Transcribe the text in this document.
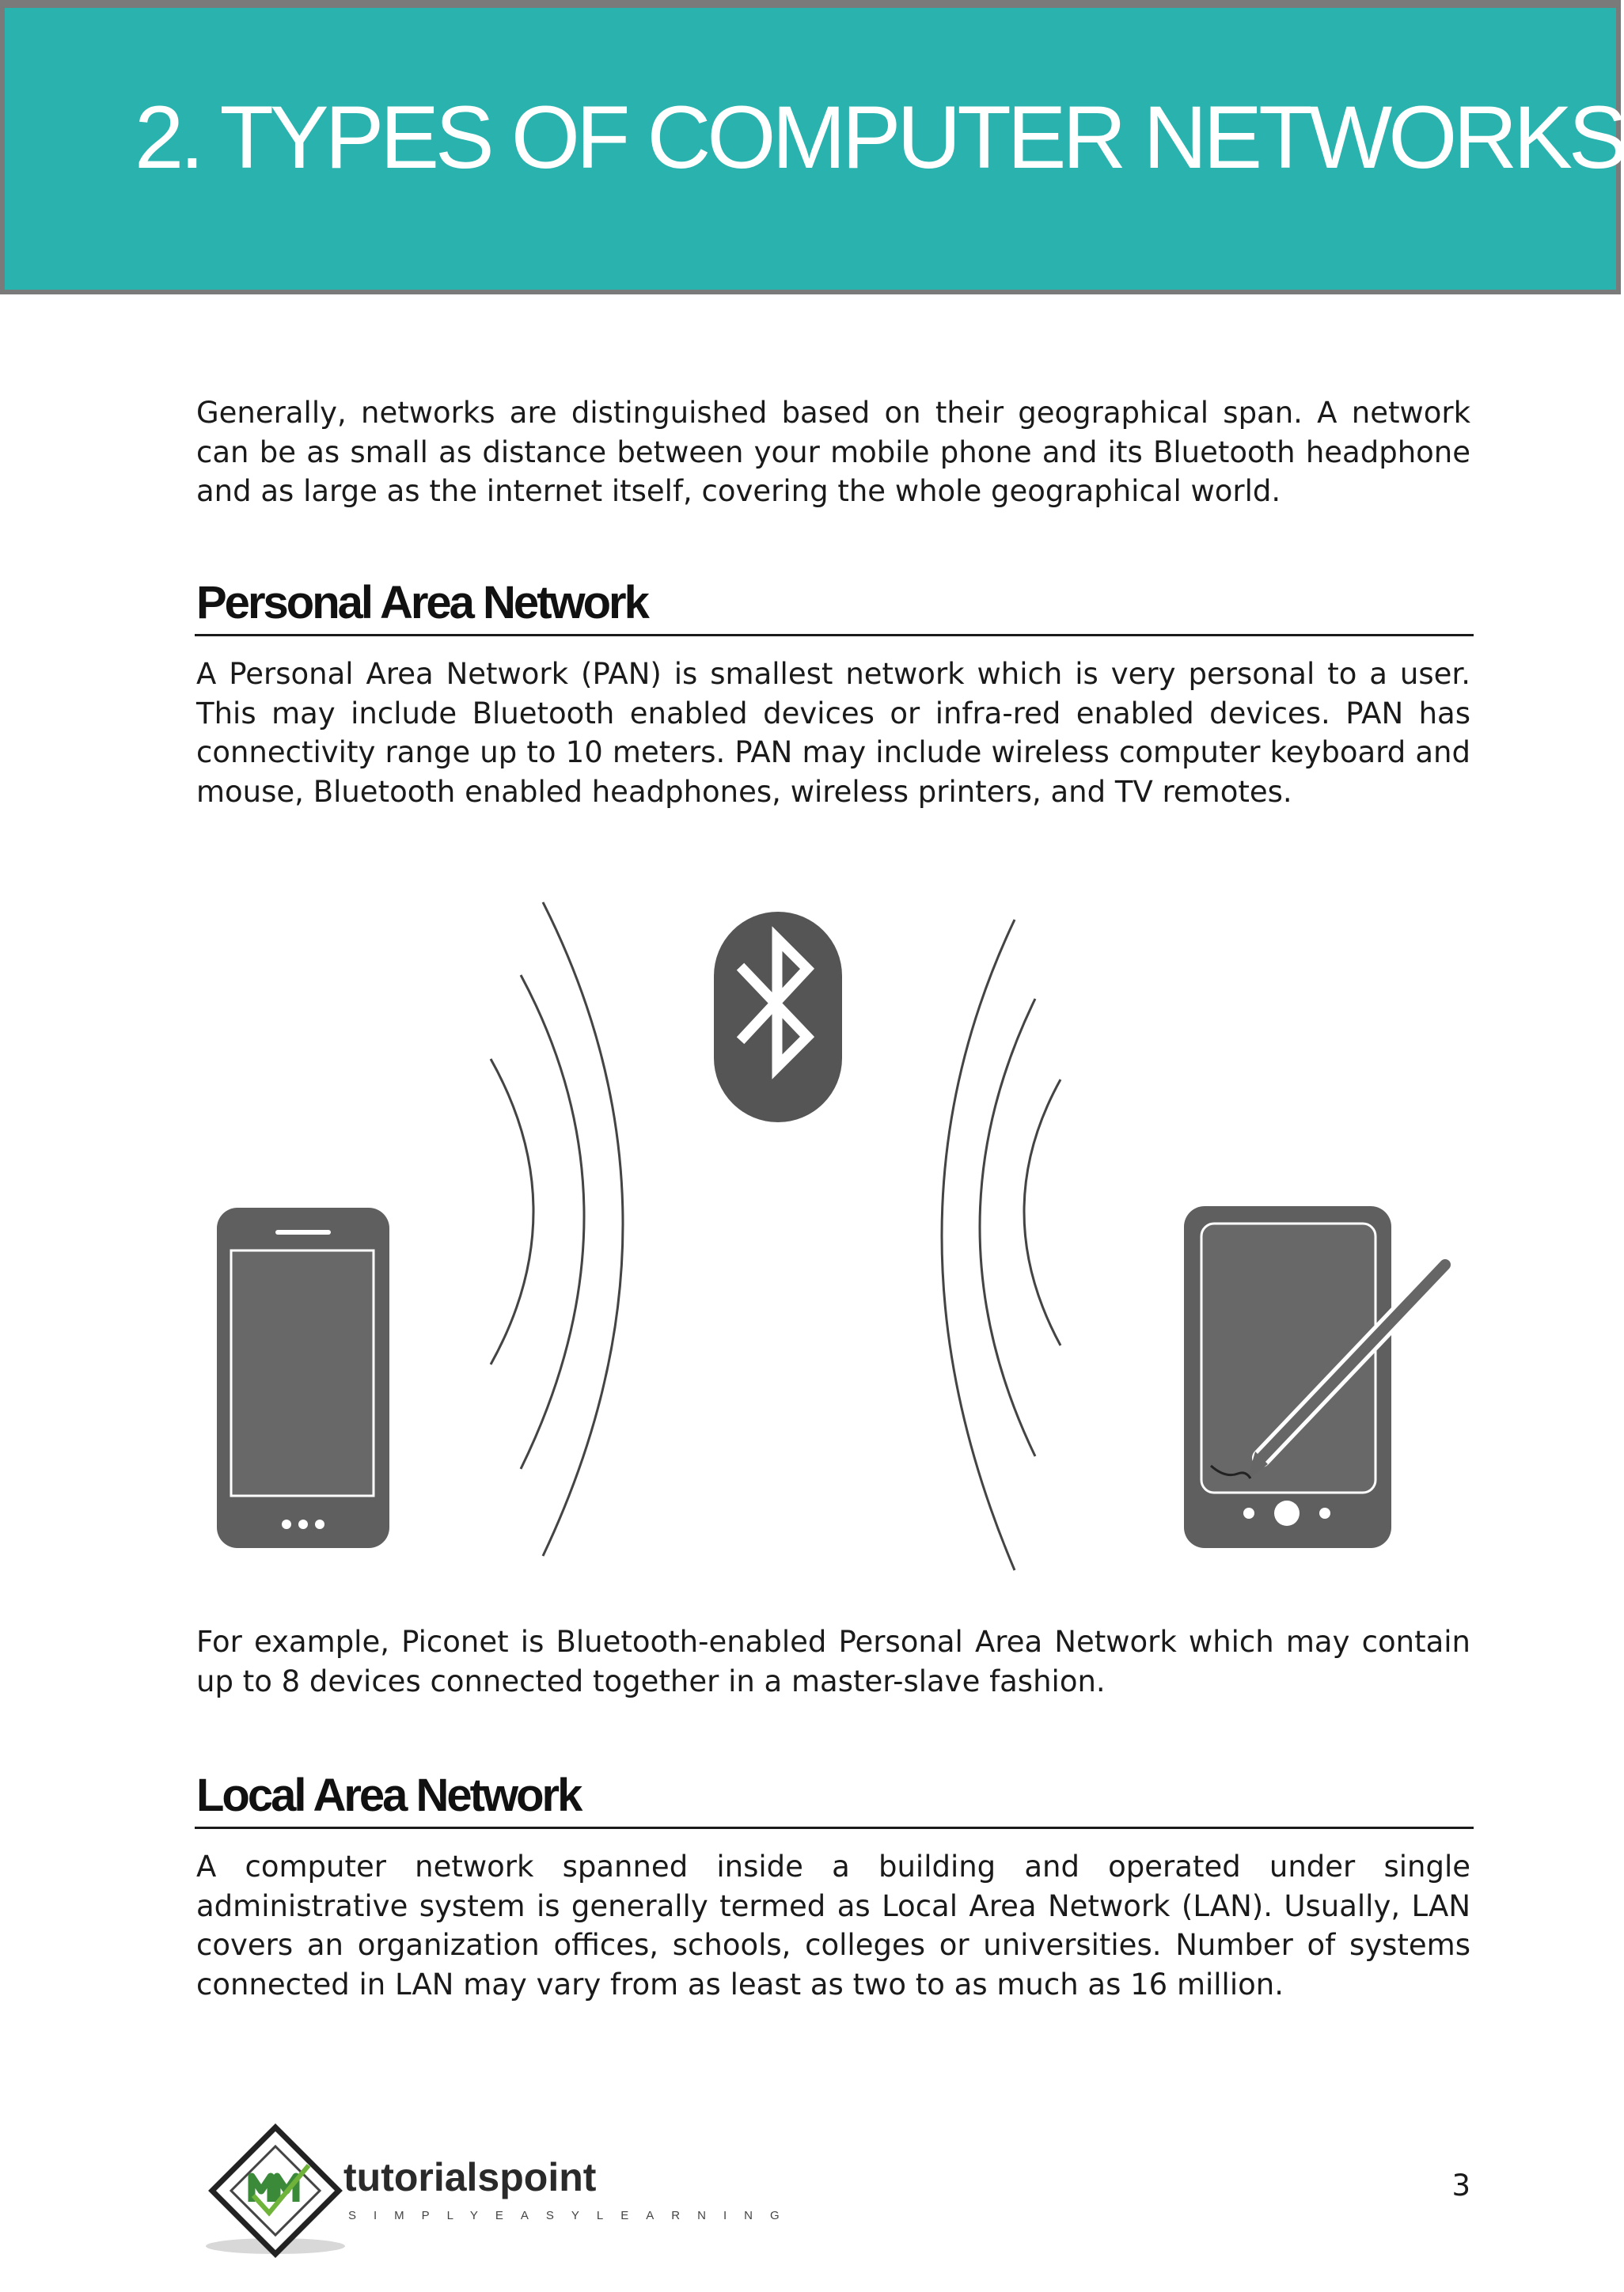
2. TYPES OF COMPUTER NETWORKS

Generally, networks are distinguished based on their geographical span. A network can be as small as distance between your mobile phone and its Bluetooth headphone and as large as the internet itself, covering the whole geographical world.

Personal Area Network

A Personal Area Network (PAN) is smallest network which is very personal to a user. This may include Bluetooth enabled devices or infra-red enabled devices. PAN has connectivity range up to 10 meters. PAN may include wireless computer keyboard and mouse, Bluetooth enabled headphones, wireless printers, and TV remotes.

For example, Piconet is Bluetooth-enabled Personal Area Network which may contain up to 8 devices connected together in a master-slave fashion.

Local Area Network

A computer network spanned inside a building and operated under single administrative system is generally termed as Local Area Network (LAN). Usually, LAN covers an organization offices, schools, colleges or universities. Number of systems connected in LAN may vary from as least as two to as much as 16 million.

tutorialspoint
SIMPLYEASYLEARNING
3
